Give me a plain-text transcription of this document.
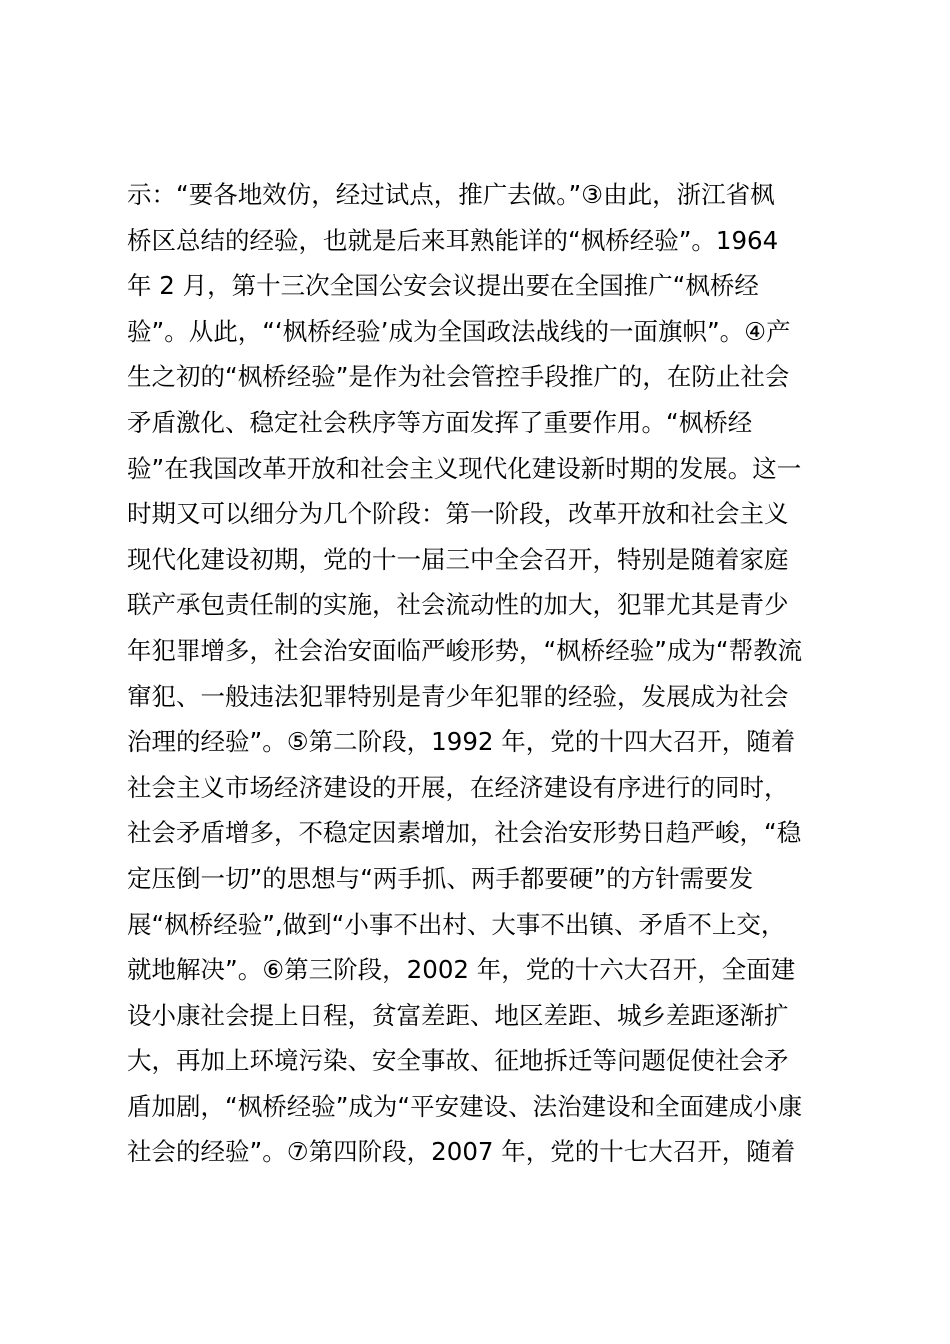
示：“要各地效仿，经过试点，推广去做。”③由此，浙江省枫
桥区总结的经验，也就是后来耳熟能详的“枫桥经验”。1964
年 2 月，第十三次全国公安会议提出要在全国推广“枫桥经
验”。从此，“‘枫桥经验’成为全国政法战线的一面旗帜”。④产
生之初的“枫桥经验”是作为社会管控手段推广的，在防止社会
矛盾激化、稳定社会秩序等方面发挥了重要作用。“枫桥经
验”在我国改革开放和社会主义现代化建设新时期的发展。这一
时期又可以细分为几个阶段：第一阶段，改革开放和社会主义
现代化建设初期，党的十一届三中全会召开，特别是随着家庭
联产承包责任制的实施，社会流动性的加大，犯罪尤其是青少
年犯罪增多，社会治安面临严峻形势，“枫桥经验”成为“帮教流
窜犯、一般违法犯罪特别是青少年犯罪的经验，发展成为社会
治理的经验”。⑤第二阶段，1992 年，党的十四大召开，随着
社会主义市场经济建设的开展，在经济建设有序进行的同时，
社会矛盾增多，不稳定因素增加，社会治安形势日趋严峻，“稳
定压倒一切”的思想与“两手抓、两手都要硬”的方针需要发
展“枫桥经验”,做到“小事不出村、大事不出镇、矛盾不上交，
就地解决”。⑥第三阶段，2002 年，党的十六大召开，全面建
设小康社会提上日程，贫富差距、地区差距、城乡差距逐渐扩
大，再加上环境污染、安全事故、征地拆迁等问题促使社会矛
盾加剧，“枫桥经验”成为“平安建设、法治建设和全面建成小康
社会的经验”。⑦第四阶段，2007 年，党的十七大召开，随着
